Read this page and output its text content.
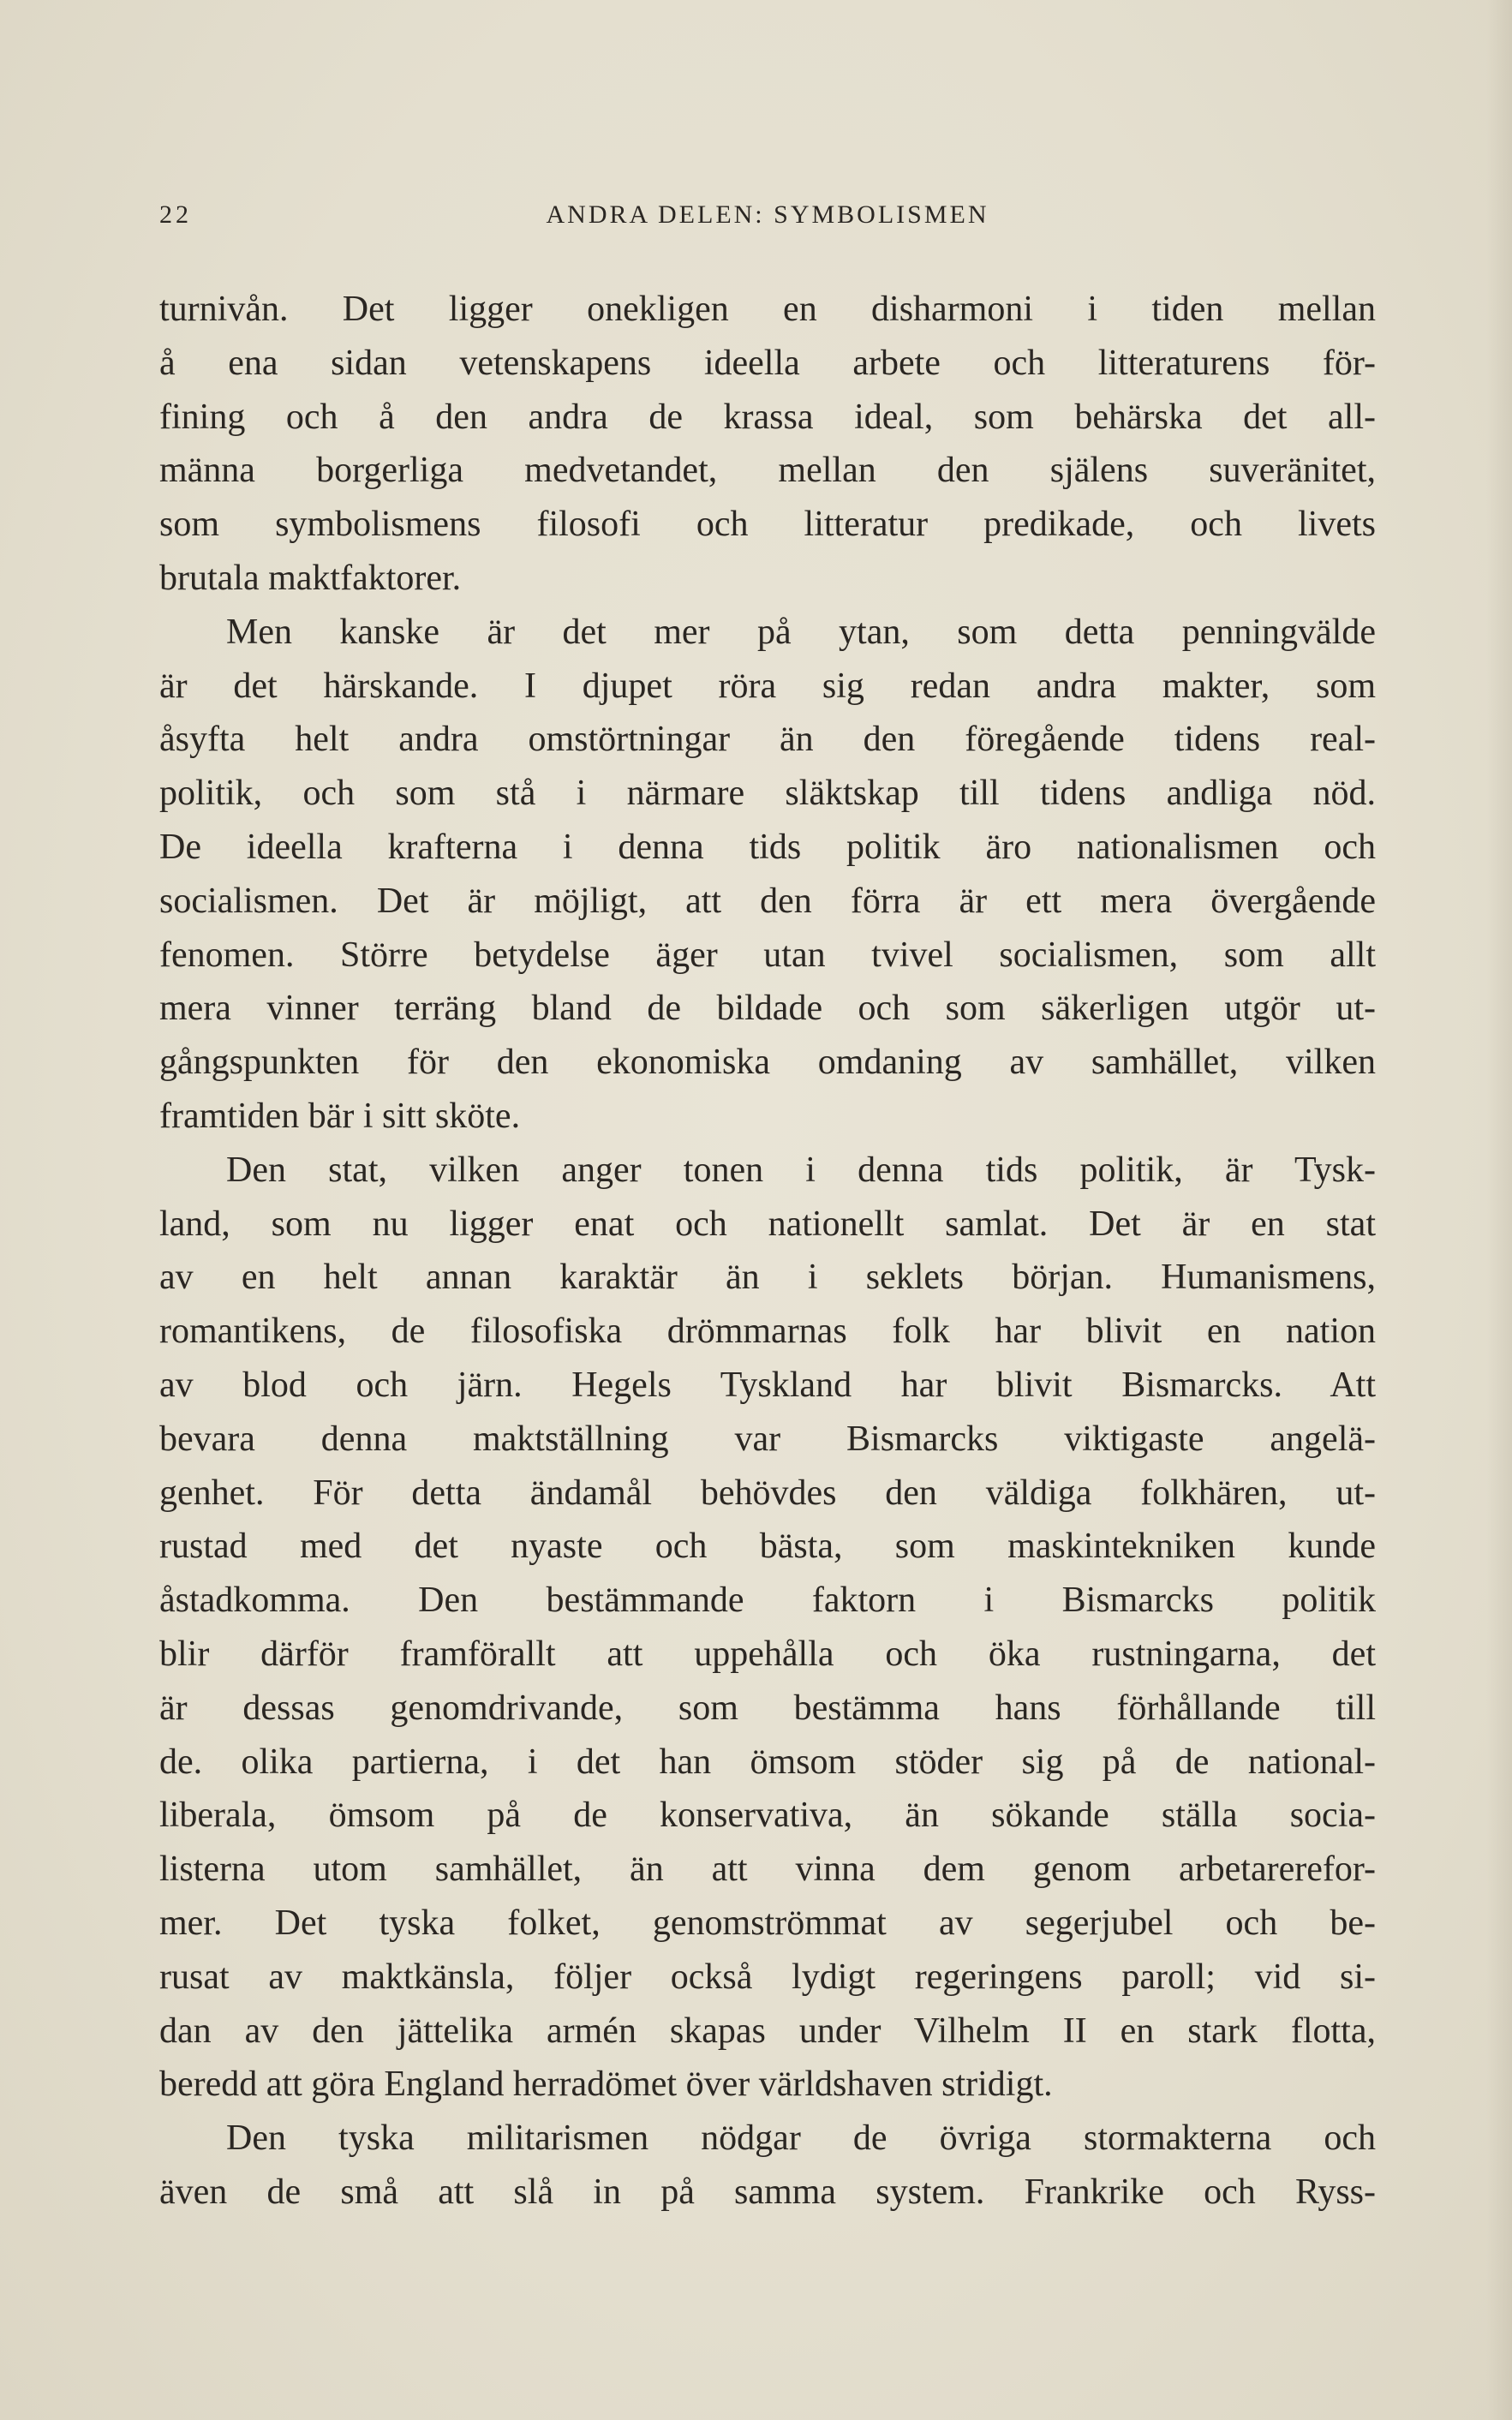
22	ANDRA DELEN: SYMBOLISMEN
turnivån. Det ligger onekligen en disharmoni i tiden mellan
å ena sidan vetenskapens ideella arbete och litteraturens för-
fining och å den andra de krassa ideal, som behärska det all-
männa borgerliga medvetandet, mellan den själens suveränitet,
som symbolismens filosofi och litteratur predikade, och livets
brutala maktfaktorer.
Men kanske är det mer på ytan, som detta penningvälde
är det härskande. I djupet röra sig redan andra makter, som
åsyfta helt andra omstörtningar än den föregående tidens real-
politik, och som stå i närmare släktskap till tidens andliga nöd.
De ideella krafterna i denna tids politik äro nationalismen och
socialismen. Det är möjligt, att den förra är ett mera övergående
fenomen. Större betydelse äger utan tvivel socialismen, som allt
mera vinner terräng bland de bildade och som säkerligen utgör ut-
gångspunkten för den ekonomiska omdaning av samhället, vilken
framtiden bär i sitt sköte.
Den stat, vilken anger tonen i denna tids politik, är Tysk-
land, som nu ligger enat och nationellt samlat. Det är en stat
av en helt annan karaktär än i seklets början. Humanismens,
romantikens, de filosofiska drömmarnas folk har blivit en nation
av blod och järn. Hegels Tyskland har blivit Bismarcks. Att
bevara denna maktställning var Bismarcks viktigaste angelä-
genhet. För detta ändamål behövdes den väldiga folkhären, ut-
rustad med det nyaste och bästa, som maskintekniken kunde
åstadkomma. Den bestämmande faktorn i Bismarcks politik
blir därför framförallt att uppehålla och öka rustningarna, det
är dessas genomdrivande, som bestämma hans förhållande till
de. olika partierna, i det han ömsom stöder sig på de national-
liberala, ömsom på de konservativa, än sökande ställa socia-
listerna utom samhället, än att vinna dem genom arbetarerefor-
mer. Det tyska folket, genomströmmat av segerjubel och be-
rusat av maktkänsla, följer också lydigt regeringens paroll; vid si-
dan av den jättelika armén skapas under Vilhelm II en stark flotta,
beredd att göra England herradömet över världshaven stridigt.
Den tyska militarismen nödgar de övriga stormakterna och
även de små att slå in på samma system. Frankrike och Ryss-
